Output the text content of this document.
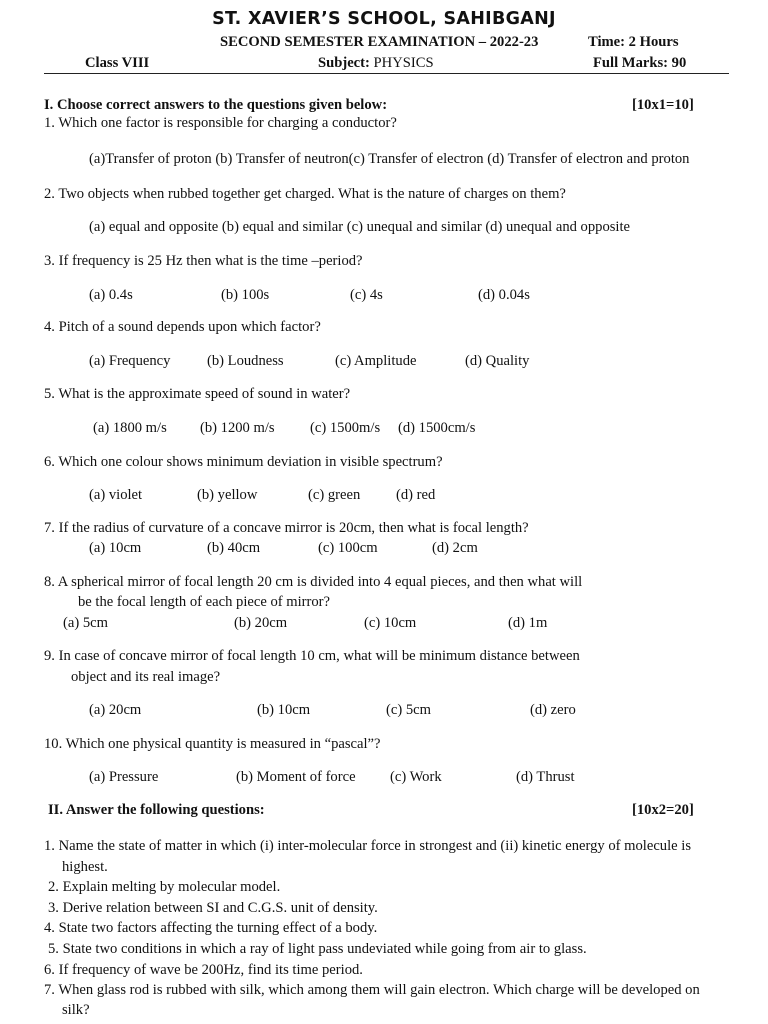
ST. XAVIER’S SCHOOL, SAHIBGANJ
SECOND SEMESTER EXAMINATION – 2022-23	Time: 2 Hours
Class VIII	Subject: PHYSICS	Full Marks: 90
I. Choose correct answers to the questions given below:	[10x1=10]
1. Which one factor is responsible for charging a conductor?
(a)Transfer of proton (b) Transfer of neutron(c) Transfer of electron (d) Transfer of electron and proton
2. Two objects when rubbed together get charged. What is the nature of charges on them?
(a) equal and opposite (b) equal and similar (c) unequal and similar (d) unequal and opposite
3. If frequency is 25 Hz then what is the time –period?
(a) 0.4s	(b) 100s	(c) 4s	(d) 0.04s
4. Pitch of a sound depends upon which factor?
(a) Frequency	(b) Loudness	(c) Amplitude	(d) Quality
5. What is the approximate speed of sound in water?
(a) 1800 m/s (b) 1200 m/s (c) 1500m/s (d) 1500cm/s
6. Which one colour shows minimum deviation in visible spectrum?
(a) violet	(b) yellow	(c) green (d) red
7. If the radius of curvature of a concave mirror is 20cm, then what is focal length?
(a) 10cm	(b) 40cm	(c) 100cm	(d) 2cm
8. A spherical mirror of focal length 20 cm is divided into 4 equal pieces, and then what will
be the focal length of each piece of mirror?
(a) 5cm	(b) 20cm	(c) 10cm	(d) 1m
9. In case of concave mirror of focal length 10 cm, what will be minimum distance between
object and its real image?
(a) 20cm	(b) 10cm	(c) 5cm	(d) zero
10. Which one physical quantity is measured in “pascal”?
(a) Pressure	(b) Moment of force (c) Work	(d) Thrust
II. Answer the following questions:	[10x2=20]
1. Name the state of matter in which (i) inter-molecular force in strongest and (ii) kinetic energy of molecule is
highest.
2. Explain melting by molecular model.
3. Derive relation between SI and C.G.S. unit of density.
4. State two factors affecting the turning effect of a body.
5. State two conditions in which a ray of light pass undeviated while going from air to glass.
6. If frequency of wave be 200Hz, find its time period.
7. When glass rod is rubbed with silk, which among them will gain electron. Which charge will be developed on
silk?
